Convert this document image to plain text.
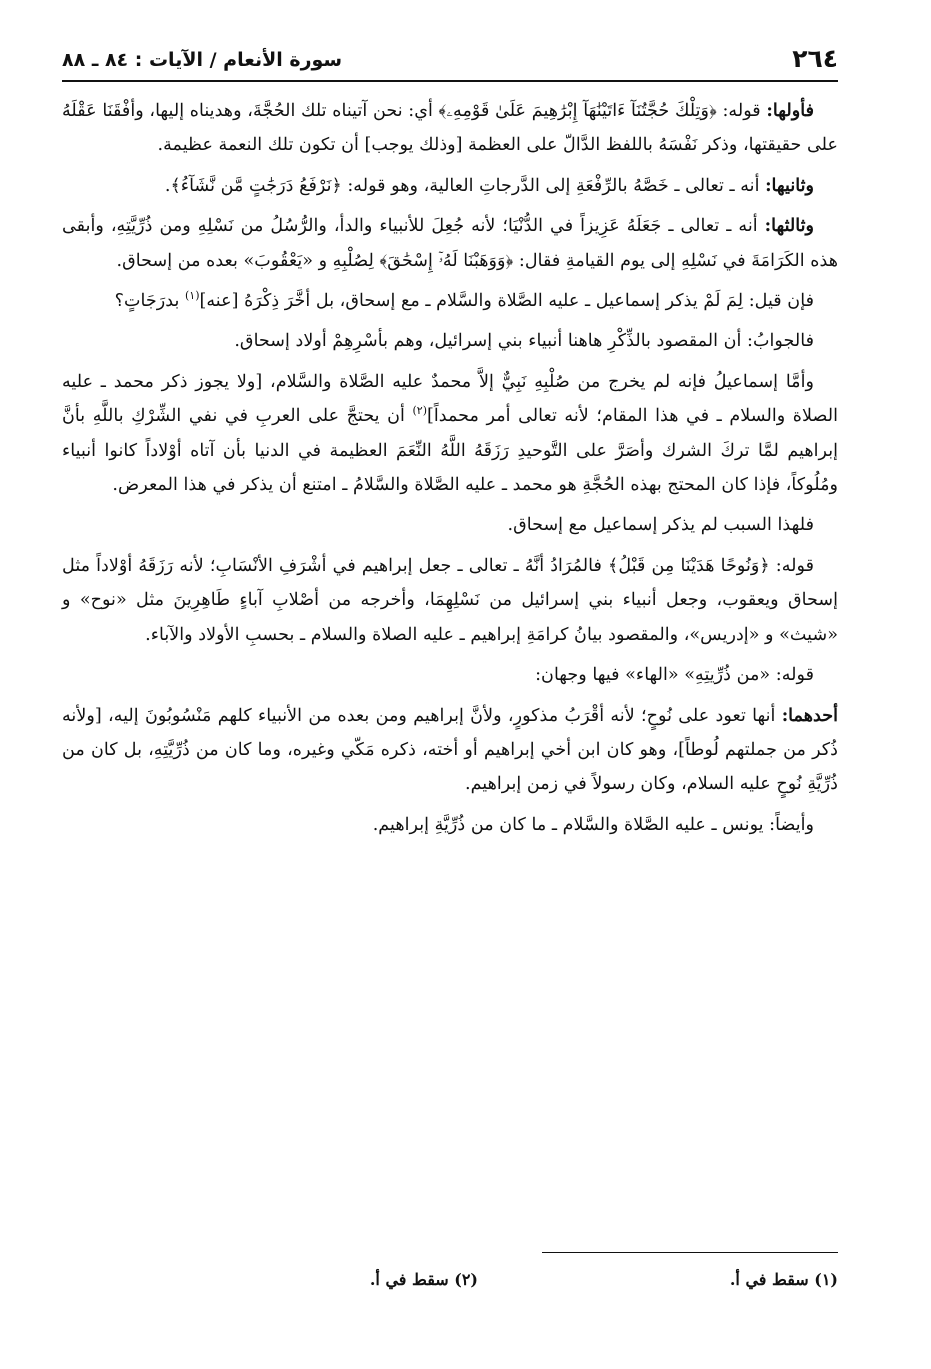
٢٦٤
سورة الأنعام / الآيات : ٨٤ ـ ٨٨

فأولها: قوله: ﴿وَتِلْكَ حُجَّتُنَآ ءَاتَيْنَٰهَآ إِبْرَٰهِيمَ عَلَىٰ قَوْمِهِۦ﴾ أي: نحن آتيناه تلك الحُجَّةَ، وهديناه إليها، وأفْقَنَا عَقْلَهُ على حقيقتها، وذكر نَفْسَهُ باللفظ الدَّالّ على العظمة [وذلك يوجب] أن تكون تلك النعمة عظيمة.

وثانيها: أنه ـ تعالى ـ خَصَّهُ بالرِّفْعَةِ إلى الدَّرجاتِ العالية، وهو قوله: ﴿نَرْفَعُ دَرَجَٰتٍ مَّن نَّشَآءُ﴾.

وثالثها: أنه ـ تعالى ـ جَعَلَهُ عَزِيزاً في الدُّنْيَا؛ لأنه جُعِلَ للأنبياء والدأ، والرُّسُلُ من نَسْلِهِ ومن ذُرِّيَّتِهِ، وأبقى هذه الكَرَامَةَ في نَسْلِهِ إلى يوم القيامةِ فقال: ﴿وَوَهَبْنَا لَهُۥٓ إِسْحَٰقَ﴾ لِصُلْبِهِ و «يَعْقُوبَ» بعده من إسحاق.

فإن قيل: لِمَ لَمْ يذكر إسماعيل ـ عليه الصَّلاة والسَّلام ـ مع إسحاق، بل أخَّرَ ذِكْرَهُ [عنه]$^{(١)}$ بدرَجَاتٍ؟

فالجوابُ: أن المقصود بالذِّكْرِ هاهنا أنبياء بني إسرائيل، وهم بأسْرِهِمْ أولاد إسحاق.

وأمَّا إسماعيلُ فإنه لم يخرج من صُلْبِهِ نَبِيٌّ إلاَّ محمدٌ عليه الصَّلاة والسَّلام، [ولا يجوز ذكر محمد ـ عليه الصلاة والسلام ـ في هذا المقام؛ لأنه تعالى أمر محمداً]$^{(٢)}$ أن يحتجَّ على العربِ في نفي الشِّرْكِ باللَّهِ بأنَّ إبراهيم لمَّا تركَ الشرك وأصَرَّ على التَّوحيدِ رَزَقَهُ اللَّهُ النِّعَمَ العظيمة في الدنيا بأن آتاه أوْلاداً كانوا أنبياء ومُلُوكاً، فإذا كان المحتج بهذه الحُجَّةِ هو محمد ـ عليه الصَّلاة والسَّلامُ ـ امتنع أن يذكر في هذا المعرض.

فلهذا السبب لم يذكر إسماعيل مع إسحاق.

قوله: ﴿وَنُوحًا هَدَيْنَا مِن قَبْلُ﴾ فالمُرَادُ أنَّهُ ـ تعالى ـ جعل إبراهيم في أشْرَفِ الأنْسَابِ؛ لأنه رَزَقَهُ أوْلاداً مثل إسحاق ويعقوب، وجعل أنبياء بني إسرائيل من نَسْلِهِمَا، وأخرجه من أصْلابِ آباءٍ طَاهِرِينَ مثل «نوح» و «شيث» و «إدريس»، والمقصود بيانُ كرامَةِ إبراهيم ـ عليه الصلاة والسلام ـ بحسبِ الأولاد والآباء.

قوله: «من ذُرِّيتِهِ» «الهاء» فيها وجهان:

أحدهما: أنها تعود على نُوحٍ؛ لأنه أقْرَبُ مذكورٍ، ولأنَّ إبراهيم ومن بعده من الأنبياء كلهم مَنْسُوبُونَ إليه، [ولأنه ذُكر من جملتهم لُوطاً]، وهو كان ابن أخي إبراهيم أو أخته، ذكره مَكّي وغيره، وما كان من ذُرِّيَّتِهِ، بل كان من ذُرِّيَّةِ نُوحٍ عليه السلام، وكان رسولاً في زمن إبراهيم.

وأيضاً: يونس ـ عليه الصَّلاة والسَّلام ـ ما كان من ذُرِّيَّةِ إبراهيم.

(١) سقط في أ.
(٢) سقط في أ.
